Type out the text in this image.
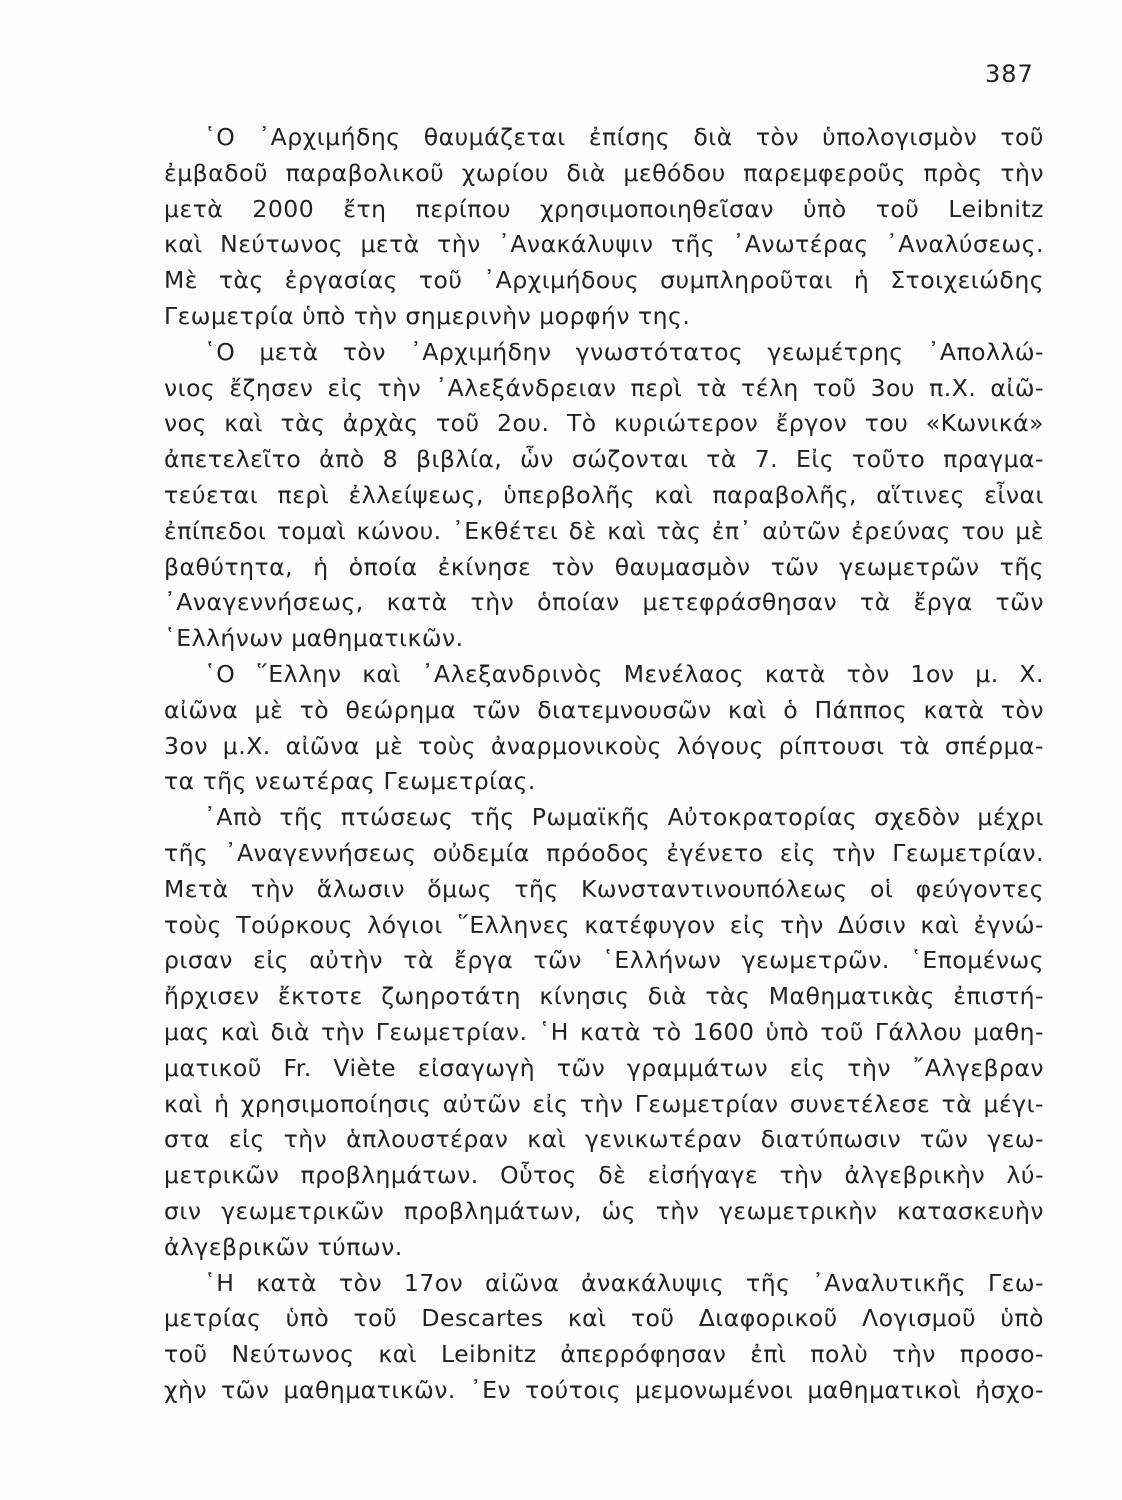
387
῾Ο ᾿Αρχιμήδης θαυμάζεται ἐπίσης διὰ τὸν ὑπολογισμὸν τοῦ
ἐμβαδοῦ παραβολικοῦ χωρίου διὰ μεθόδου παρεμφεροῦς πρὸς τὴν
μετὰ 2000 ἔτη περίπου χρησιμοποιηθεῖσαν ὑπὸ τοῦ Leibnitz
καὶ Νεύτωνος μετὰ τὴν ᾿Ανακάλυψιν τῆς ᾿Ανωτέρας ᾿Αναλύσεως.
Μὲ τὰς ἐργασίας τοῦ ᾿Αρχιμήδους συμπληροῦται ἡ Στοιχειώδης
Γεωμετρία ὑπὸ τὴν σημερινὴν μορφήν της.
῾Ο μετὰ τὸν ᾿Αρχιμήδην γνωστότατος γεωμέτρης ᾿Απολλώ-
νιος ἔζησεν εἰς τὴν ᾿Αλεξάνδρειαν περὶ τὰ τέλη τοῦ 3ου π.Χ. αἰῶ-
νος καὶ τὰς ἀρχὰς τοῦ 2ου. Τὸ κυριώτερον ἔργον του «Κωνικά»
ἀπετελεῖτο ἀπὸ 8 βιβλία, ὧν σώζονται τὰ 7. Εἰς τοῦτο πραγμα-
τεύεται περὶ ἐλλείψεως, ὑπερβολῆς καὶ παραβολῆς, αἵτινες εἶναι
ἐπίπεδοι τομαὶ κώνου. ᾿Εκθέτει δὲ καὶ τὰς ἐπ᾿ αὐτῶν ἐρεύνας του μὲ
βαθύτητα, ἡ ὁποία ἐκίνησε τὸν θαυμασμὸν τῶν γεωμετρῶν τῆς
᾿Αναγεννήσεως, κατὰ τὴν ὁποίαν μετεφράσθησαν τὰ ἔργα τῶν
῾Ελλήνων μαθηματικῶν.
῾Ο ῞Ελλην καὶ ᾿Αλεξανδρινὸς Μενέλαος κατὰ τὸν 1ον μ. Χ.
αἰῶνα μὲ τὸ θεώρημα τῶν διατεμνουσῶν καὶ ὁ Πάππος κατὰ τὸν
3ον μ.Χ. αἰῶνα μὲ τοὺς ἀναρμονικοὺς λόγους ρίπτουσι τὰ σπέρμα-
τα τῆς νεωτέρας Γεωμετρίας.
᾿Απὸ τῆς πτώσεως τῆς Ρωμαϊκῆς Αὐτοκρατορίας σχεδὸν μέχρι
τῆς ᾿Αναγεννήσεως οὐδεμία πρόοδος ἐγένετο εἰς τὴν Γεωμετρίαν.
Μετὰ τὴν ἅλωσιν ὅμως τῆς Κωνσταντινουπόλεως οἱ φεύγοντες
τοὺς Τούρκους λόγιοι ῞Ελληνες κατέφυγον εἰς τὴν Δύσιν καὶ ἐγνώ-
ρισαν εἰς αὐτὴν τὰ ἔργα τῶν ῾Ελλήνων γεωμετρῶν. ῾Επομένως
ἤρχισεν ἔκτοτε ζωηροτάτη κίνησις διὰ τὰς Μαθηματικὰς ἐπιστή-
μας καὶ διὰ τὴν Γεωμετρίαν. ῾Η κατὰ τὸ 1600 ὑπὸ τοῦ Γάλλου μαθη-
ματικοῦ Fr. Viète εἰσαγωγὴ τῶν γραμμάτων εἰς τὴν ῎Αλγεβραν
καὶ ἡ χρησιμοποίησις αὐτῶν εἰς τὴν Γεωμετρίαν συνετέλεσε τὰ μέγι-
στα εἰς τὴν ἁπλουστέραν καὶ γενικωτέραν διατύπωσιν τῶν γεω-
μετρικῶν προβλημάτων. Οὗτος δὲ εἰσήγαγε τὴν ἀλγεβρικὴν λύ-
σιν γεωμετρικῶν προβλημάτων, ὡς τὴν γεωμετρικὴν κατασκευὴν
ἀλγεβρικῶν τύπων.
῾Η κατὰ τὸν 17ον αἰῶνα ἀνακάλυψις τῆς ᾿Αναλυτικῆς Γεω-
μετρίας ὑπὸ τοῦ Descartes καὶ τοῦ Διαφορικοῦ Λογισμοῦ ὑπὸ
τοῦ Νεύτωνος καὶ Leibnitz ἀπερρόφησαν ἐπὶ πολὺ τὴν προσο-
χὴν τῶν μαθηματικῶν. ᾿Εν τούτοις μεμονωμένοι μαθηματικοὶ ἠσχο-
